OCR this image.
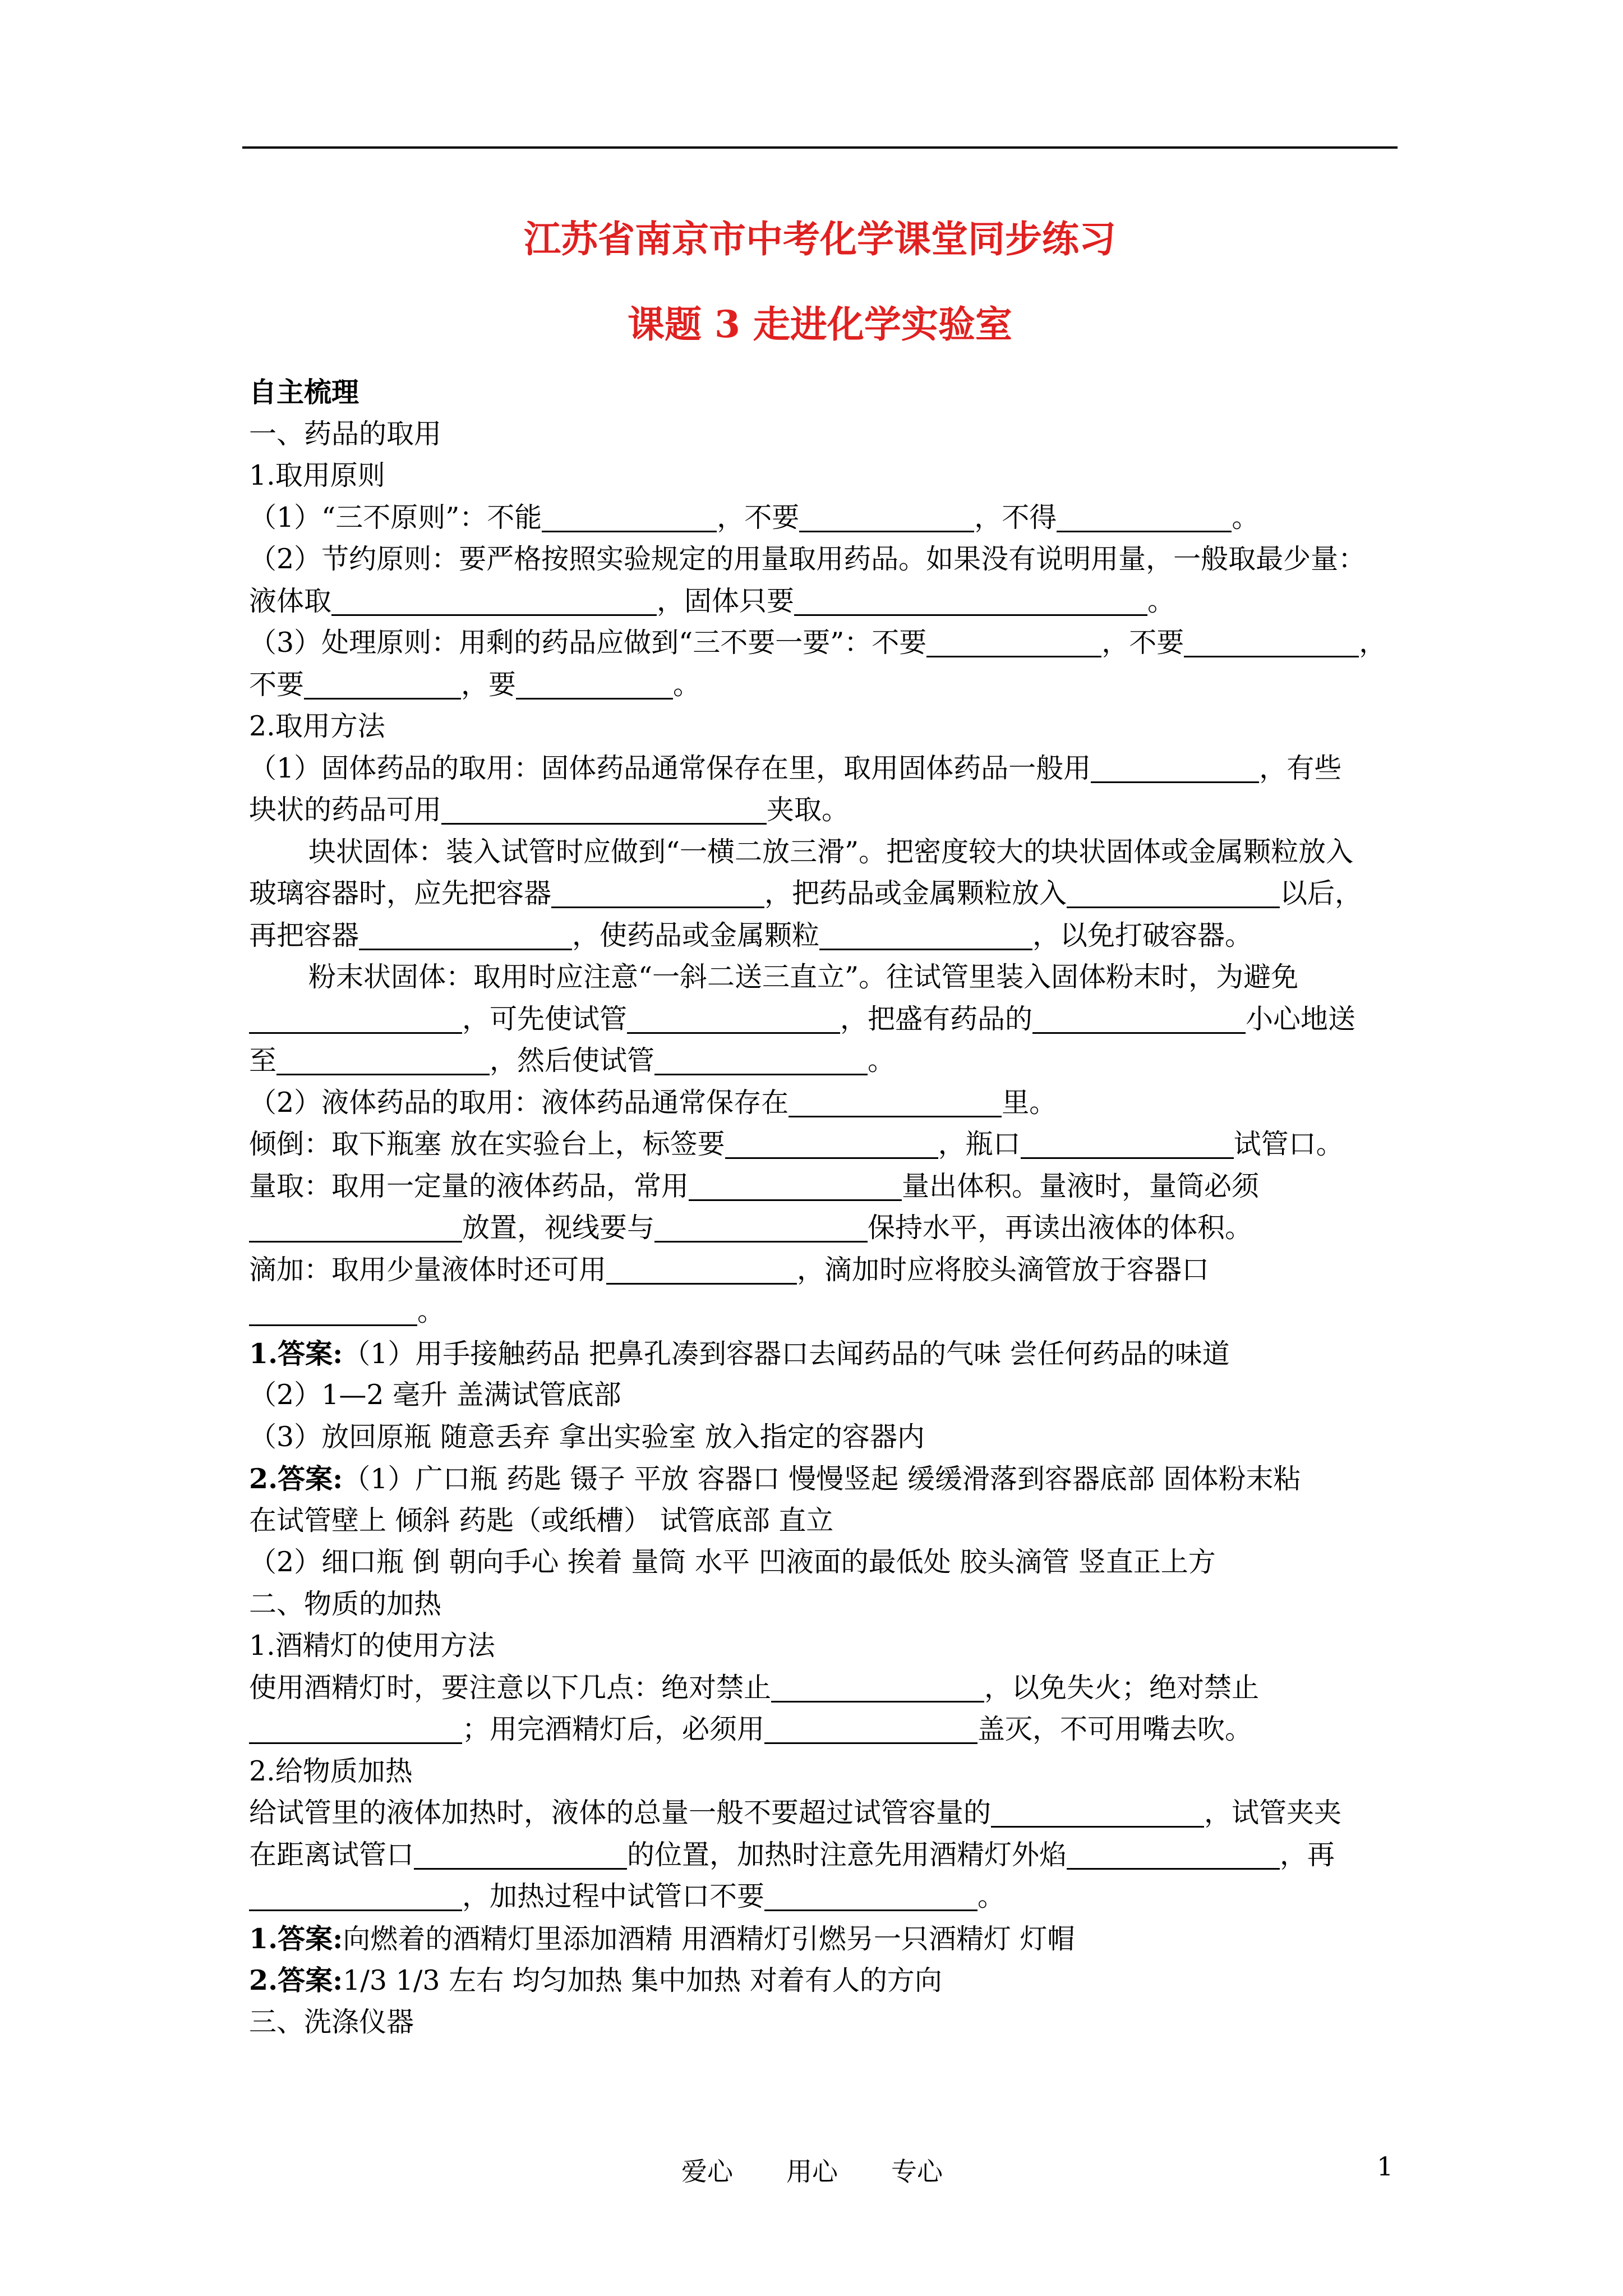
江苏省南京市中考化学课堂同步练习
课题 3 走进化学实验室
自主梳理
一、药品的取用
1.取用原则
（1）“三不原则”：不能	，不要	，不得	。
（2）节约原则：要严格按照实验规定的用量取用药品。如果没有说明用量，一般取最少量：
液体取	，固体只要	。
（3）处理原则：用剩的药品应做到“三不要一要”：不要	，不要	，
不要	，要	。
2.取用方法
（1）固体药品的取用：固体药品通常保存在里，取用固体药品一般用	，有些
块状的药品可用	夹取。
块状固体：装入试管时应做到“一横二放三滑”。把密度较大的块状固体或金属颗粒放入
玻璃容器时，应先把容器	，把药品或金属颗粒放入	以后，
再把容器	，使药品或金属颗粒	，以免打破容器。
粉末状固体：取用时应注意“一斜二送三直立”。往试管里装入固体粉末时，为避免
，可先使试管	，把盛有药品的	小心地送
至	，然后使试管	。
（2）液体药品的取用：液体药品通常保存在	里。
倾倒：取下瓶塞 放在实验台上，标签要	，瓶口	试管口。
量取：取用一定量的液体药品，常用	量出体积。量液时，量筒必须
放置，视线要与	保持水平，再读出液体的体积。
滴加：取用少量液体时还可用	，滴加时应将胶头滴管放于容器口
。
1.答案:（1）用手接触药品 把鼻孔凑到容器口去闻药品的气味 尝任何药品的味道
（2）1—2 毫升 盖满试管底部
（3）放回原瓶 随意丢弃 拿出实验室 放入指定的容器内
2.答案:（1）广口瓶 药匙 镊子 平放 容器口 慢慢竖起 缓缓滑落到容器底部 固体粉末粘
在试管壁上 倾斜 药匙（或纸槽） 试管底部 直立
（2）细口瓶 倒 朝向手心 挨着 量筒 水平 凹液面的最低处 胶头滴管 竖直正上方
二、物质的加热
1.酒精灯的使用方法
使用酒精灯时，要注意以下几点：绝对禁止	，以免失火；绝对禁止
；用完酒精灯后，必须用	盖灭，不可用嘴去吹。
2.给物质加热
给试管里的液体加热时，液体的总量一般不要超过试管容量的	，试管夹夹
在距离试管口	的位置，加热时注意先用酒精灯外焰	，再
，加热过程中试管口不要	。
1.答案:向燃着的酒精灯里添加酒精 用酒精灯引燃另一只酒精灯 灯帽
2.答案:1/3 1/3 左右 均匀加热 集中加热 对着有人的方向
三、洗涤仪器
爱心 用心 专心	1
